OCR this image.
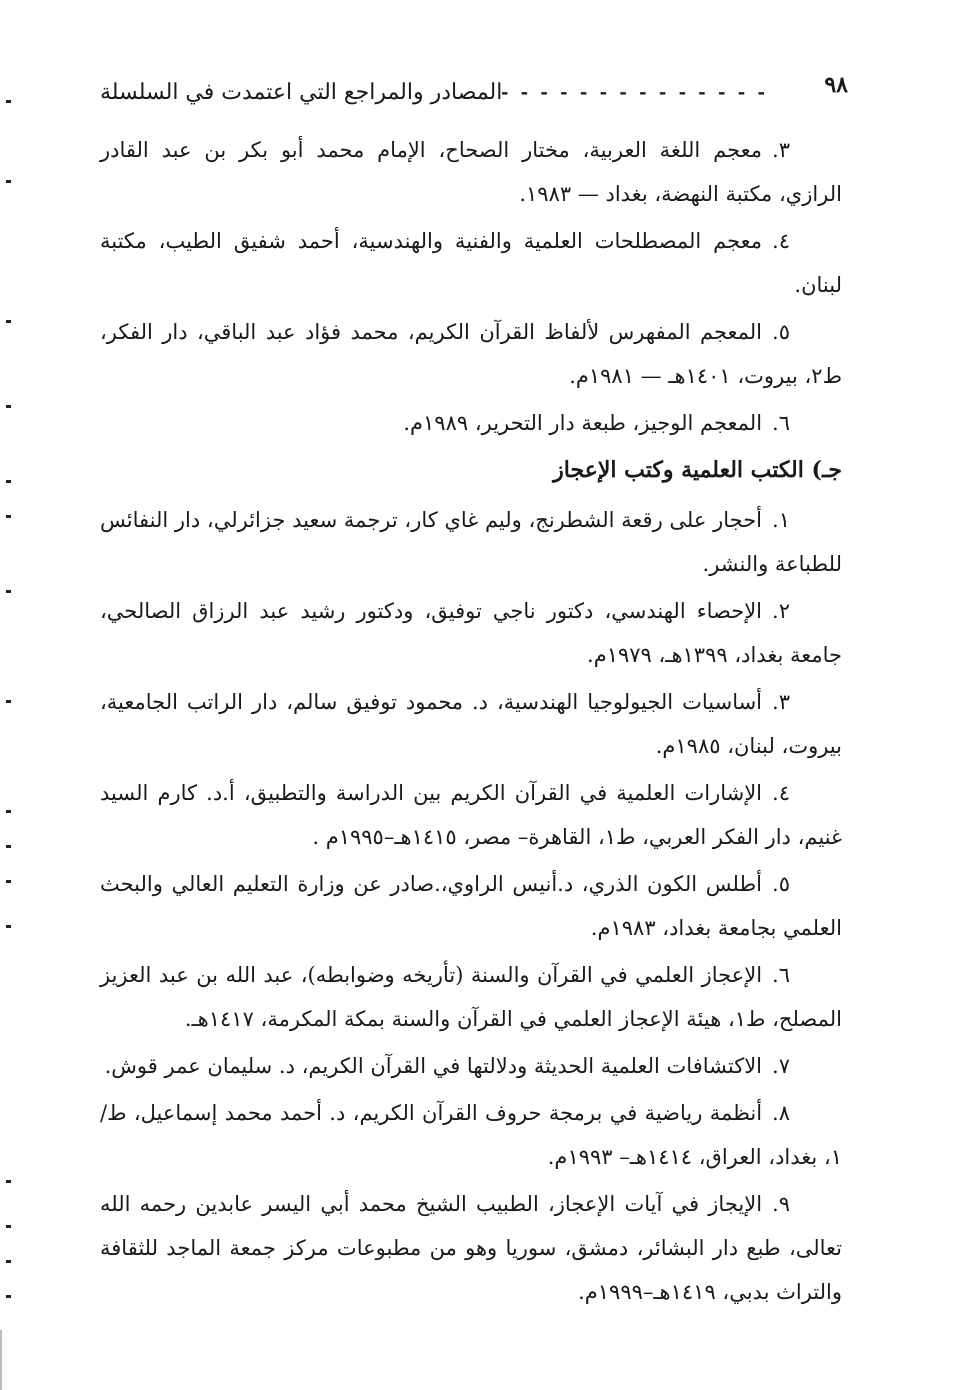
٩٨
- - - - - - - - - - - - - -
المصادر والمراجع التي اعتمدت في السلسلة

٣.معجم اللغة العربية، مختار الصحاح، الإمام محمد أبو بكر بن عبد القادر الرازي، مكتبة النهضة، بغداد — ١٩٨٣.

٤.معجم المصطلحات العلمية والفنية والهندسية، أحمد شفيق الطيب، مكتبة لبنان.

٥.المعجم المفهرس لألفاظ القرآن الكريم، محمد فؤاد عبد الباقي، دار الفكر، ط٢، بيروت، ١٤٠١هـ — ١٩٨١م.

٦.المعجم الوجيز، طبعة دار التحرير، ١٩٨٩م.

جـ) الكتب العلمية وكتب الإعجاز

١.أحجار على رقعة الشطرنج، وليم غاي كار، ترجمة سعيد جزائرلي، دار النفائس للطباعة والنشر.

٢.الإحصاء الهندسي، دكتور ناجي توفيق، ودكتور رشيد عبد الرزاق الصالحي، جامعة بغداد، ١٣٩٩هـ، ١٩٧٩م.

٣.أساسيات الجيولوجيا الهندسية، د. محمود توفيق سالم، دار الراتب الجامعية، بيروت، لبنان، ١٩٨٥م.

٤.الإشارات العلمية في القرآن الكريم بين الدراسة والتطبيق، أ.د. كارم السيد غنيم، دار الفكر العربي، ط١، القاهرة– مصر، ١٤١٥هـ–١٩٩٥م .

٥.أطلس الكون الذري، د.أنيس الراوي،.صادر عن وزارة التعليم العالي والبحث العلمي بجامعة بغداد، ١٩٨٣م.

٦.الإعجاز العلمي في القرآن والسنة (تأريخه وضوابطه)، عبد الله بن عبد العزيز المصلح، ط١، هيئة الإعجاز العلمي في القرآن والسنة بمكة المكرمة، ١٤١٧هـ.

٧.الاكتشافات العلمية الحديثة ودلالتها في القرآن الكريم، د. سليمان عمر قوش.

٨.أنظمة رياضية في برمجة حروف القرآن الكريم، د. أحمد محمد إسماعيل، ط/١، بغداد، العراق، ١٤١٤هـ– ١٩٩٣م.

٩.الإيجاز في آيات الإعجاز، الطبيب الشيخ محمد أبي اليسر عابدين رحمه الله تعالى، طبع دار البشائر، دمشق، سوريا وهو من مطبوعات مركز جمعة الماجد للثقافة والتراث بدبي، ١٤١٩هـ–١٩٩٩م.
